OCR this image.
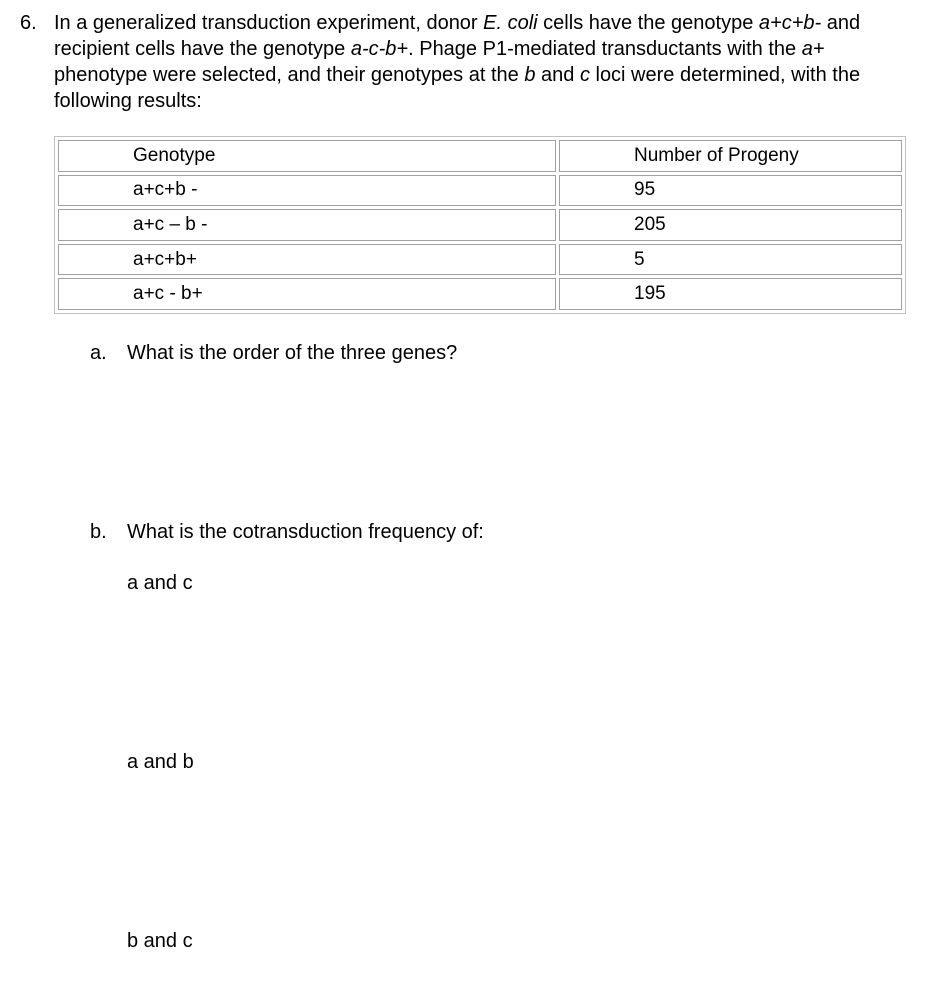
6. In a generalized transduction experiment, donor E. coli cells have the genotype a+c+b- and recipient cells have the genotype a-c-b+. Phage P1-mediated transductants with the a+ phenotype were selected, and their genotypes at the b and c loci were determined, with the following results:
Genotype	Number of Progeny
a+c+b -	95
a+c – b -	205
a+c+b+	5
a+c - b+	195
a. What is the order of the three genes?
b. What is the cotransduction frequency of:
a and c
a and b
b and c
